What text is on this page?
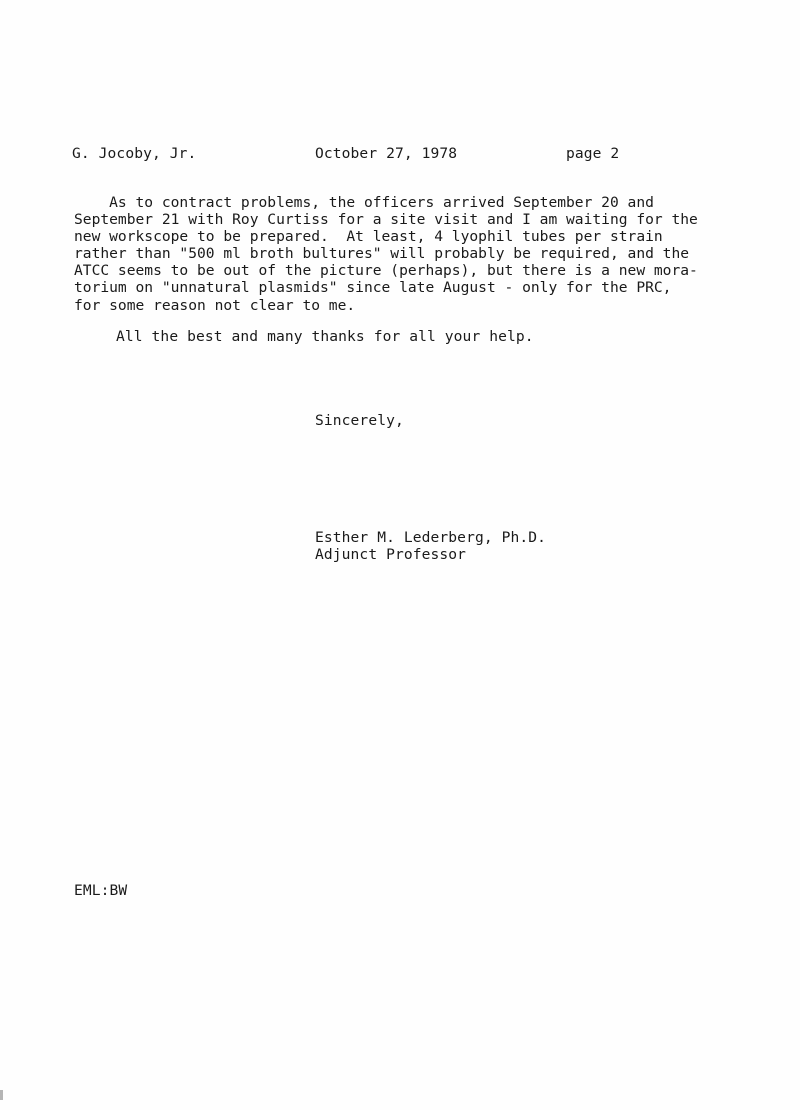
G. Jocoby, Jr.	October 27, 1978	page 2
As to contract problems, the officers arrived September 20 and
September 21 with Roy Curtiss for a site visit and I am waiting for the
new workscope to be prepared.  At least, 4 lyophil tubes per strain
rather than "500 ml broth bultures" will probably be required, and the
ATCC seems to be out of the picture (perhaps), but there is a new mora-
torium on "unnatural plasmids" since late August - only for the PRC,
for some reason not clear to me.
All the best and many thanks for all your help.
Sincerely,
Esther M. Lederberg, Ph.D.
Adjunct Professor
EML:BW
